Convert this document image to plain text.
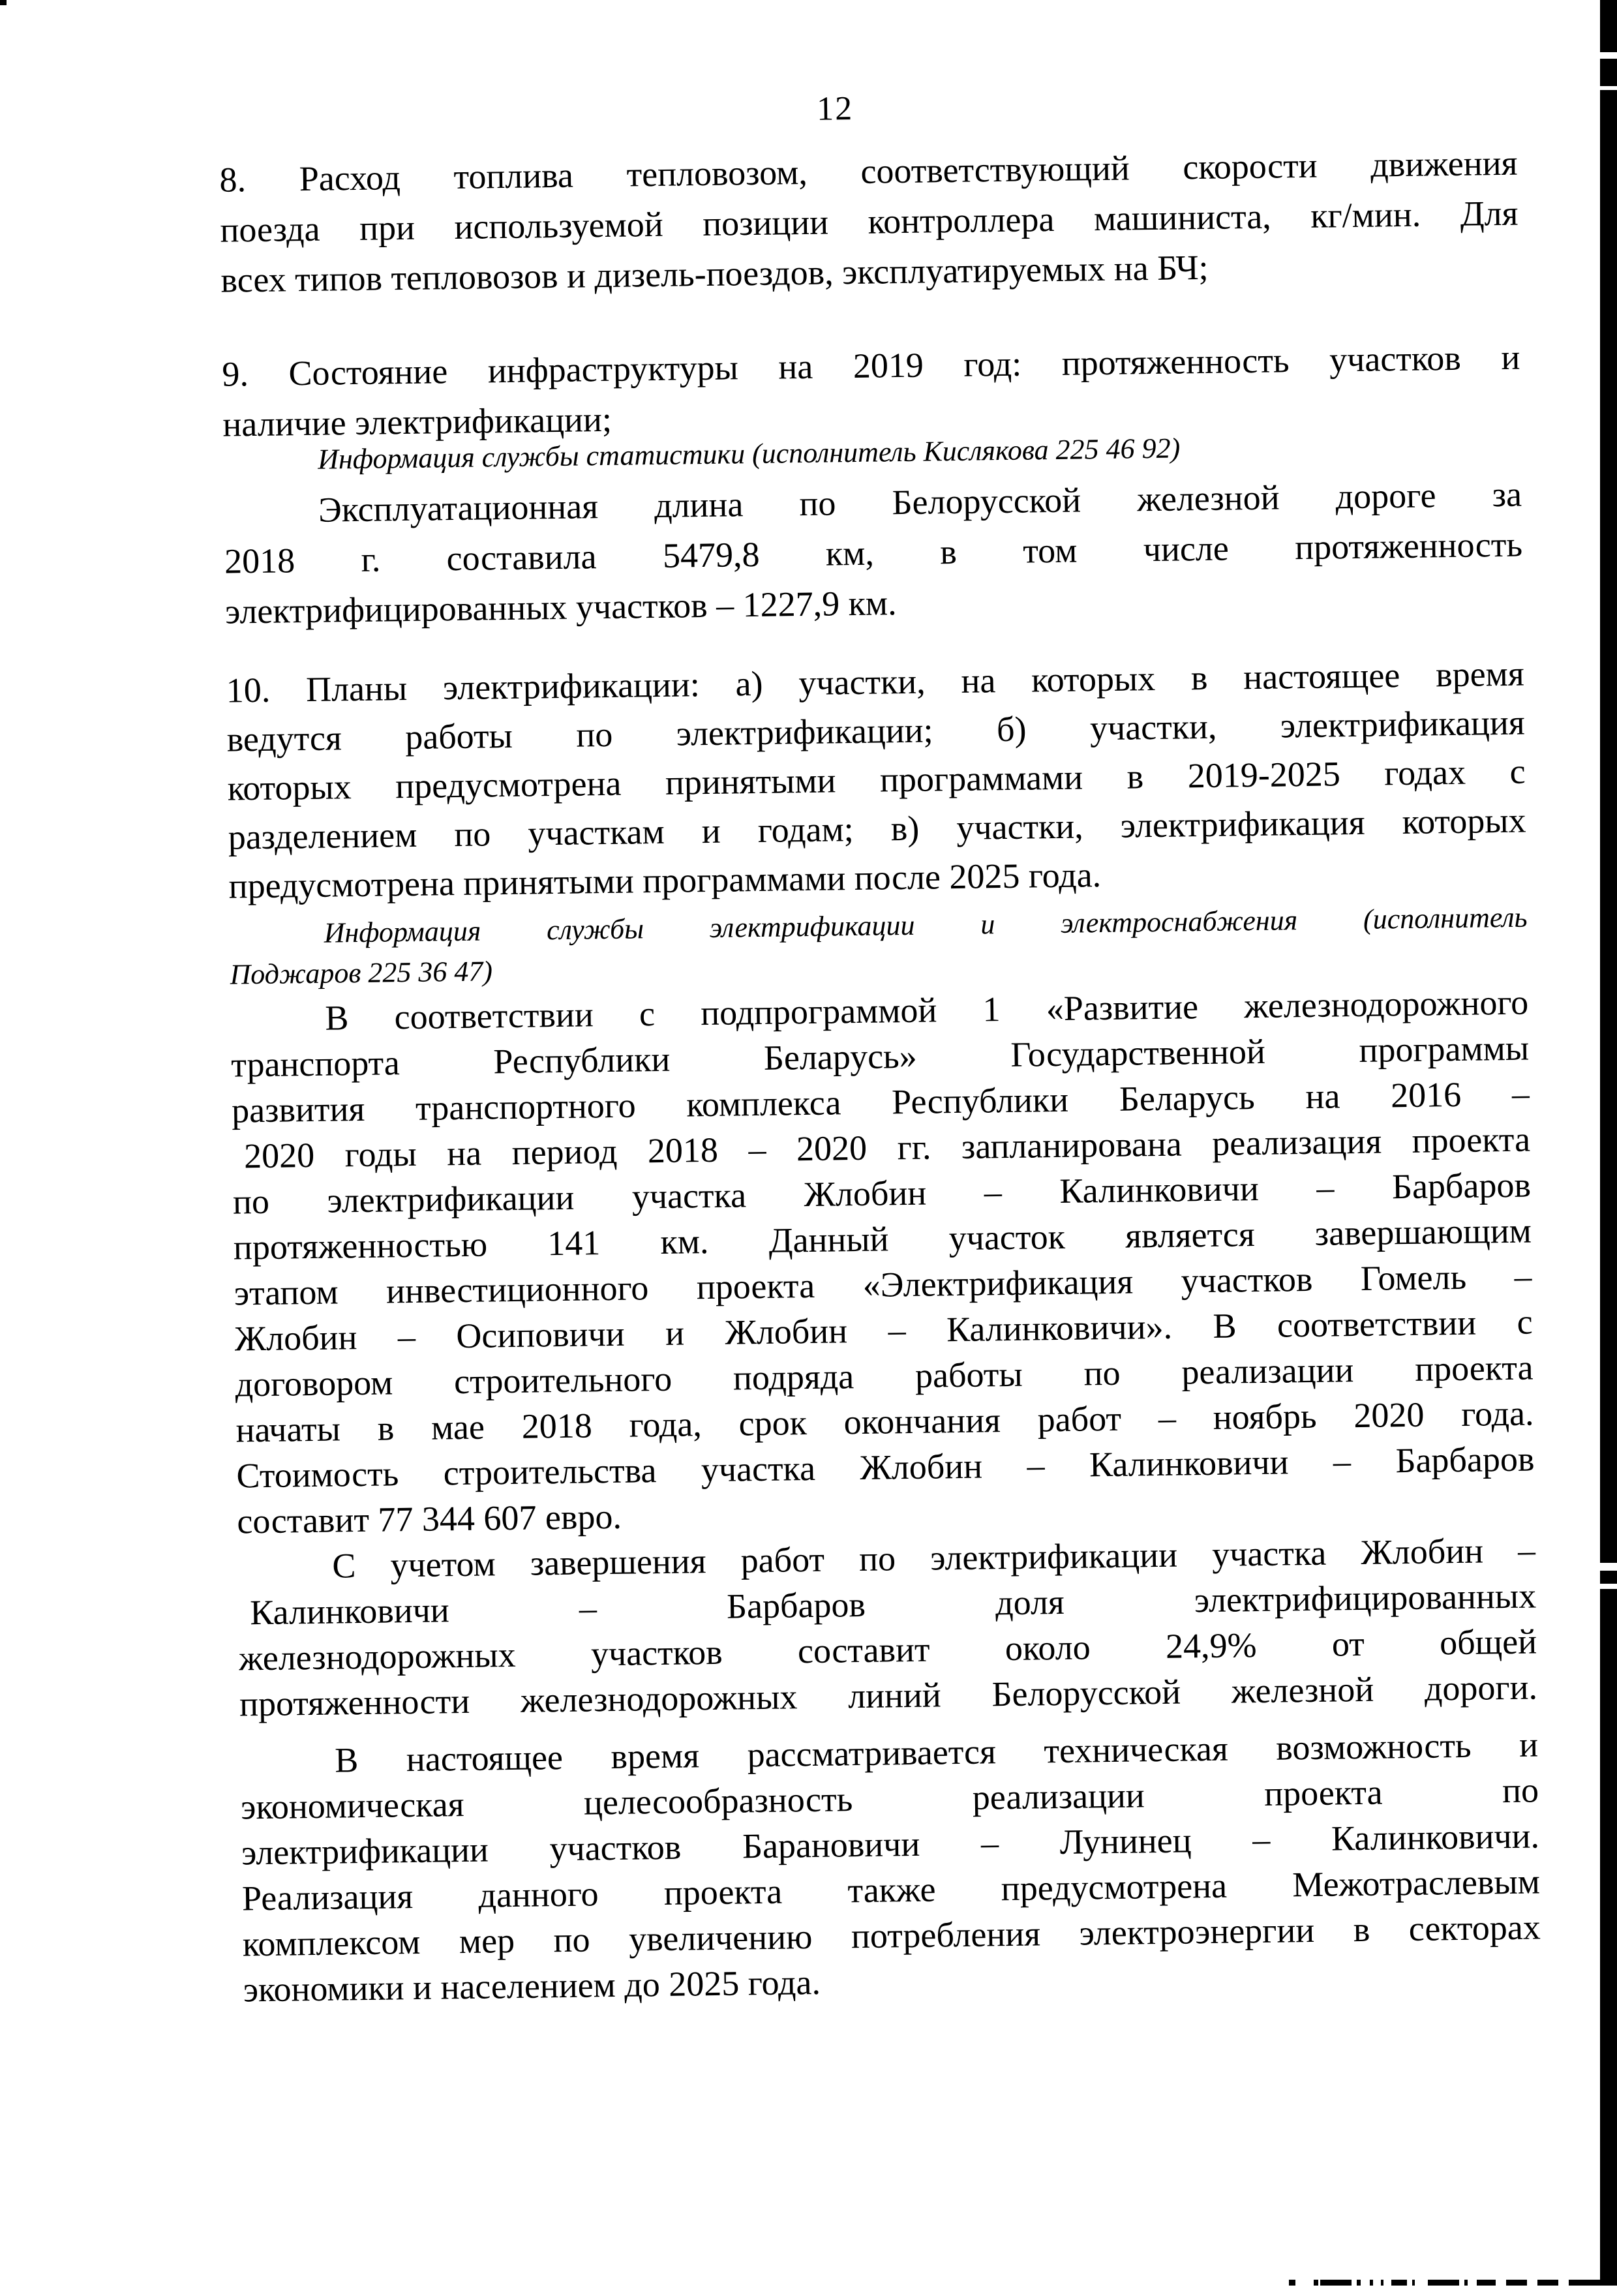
12
8. Расход топлива тепловозом, соответствующий скорости движения
поезда при используемой позиции контроллера машиниста, кг/мин. Для
всех типов тепловозов и дизель-поездов, эксплуатируемых на БЧ;
9. Состояние инфраструктуры на 2019 год: протяженность участков и
наличие электрификации;
Информация службы статистики (исполнитель Кислякова 225 46 92)
Эксплуатационная длина по Белорусской железной дороге за
2018 г. составила 5479,8 км, в том числе протяженность
электрифицированных участков – 1227,9 км.
10. Планы электрификации: а) участки, на которых в настоящее время
ведутся работы по электрификации; б) участки, электрификация
которых предусмотрена принятыми программами в 2019-2025 годах с
разделением по участкам и годам; в) участки, электрификация которых
предусмотрена принятыми программами после 2025 года.
Информация службы электрификации и электроснабжения (исполнитель
Поджаров 225 36 47)
В соответствии с подпрограммой 1 «Развитие железнодорожного
транспорта Республики Беларусь» Государственной программы
развития транспортного комплекса Республики Беларусь на 2016 –
2020 годы на период 2018 – 2020 гг. запланирована реализация проекта
по электрификации участка Жлобин – Калинковичи – Барбаров
протяженностью 141 км. Данный участок является завершающим
этапом инвестиционного проекта «Электрификация участков Гомель –
Жлобин – Осиповичи и Жлобин – Калинковичи». В соответствии с
договором строительного подряда работы по реализации проекта
начаты в мае 2018 года, срок окончания работ – ноябрь 2020 года.
Стоимость строительства участка Жлобин – Калинковичи – Барбаров
составит 77 344 607 евро.
С учетом завершения работ по электрификации участка Жлобин –
Калинковичи – Барбаров доля электрифицированных
железнодорожных участков составит около 24,9% от общей
протяженности железнодорожных линий Белорусской железной дороги.
В настоящее время рассматривается техническая возможность и
экономическая целесообразность реализации проекта по
электрификации участков Барановичи – Лунинец – Калинковичи.
Реализация данного проекта также предусмотрена Межотраслевым
комплексом мер по увеличению потребления электроэнергии в секторах
экономики и населением до 2025 года.
